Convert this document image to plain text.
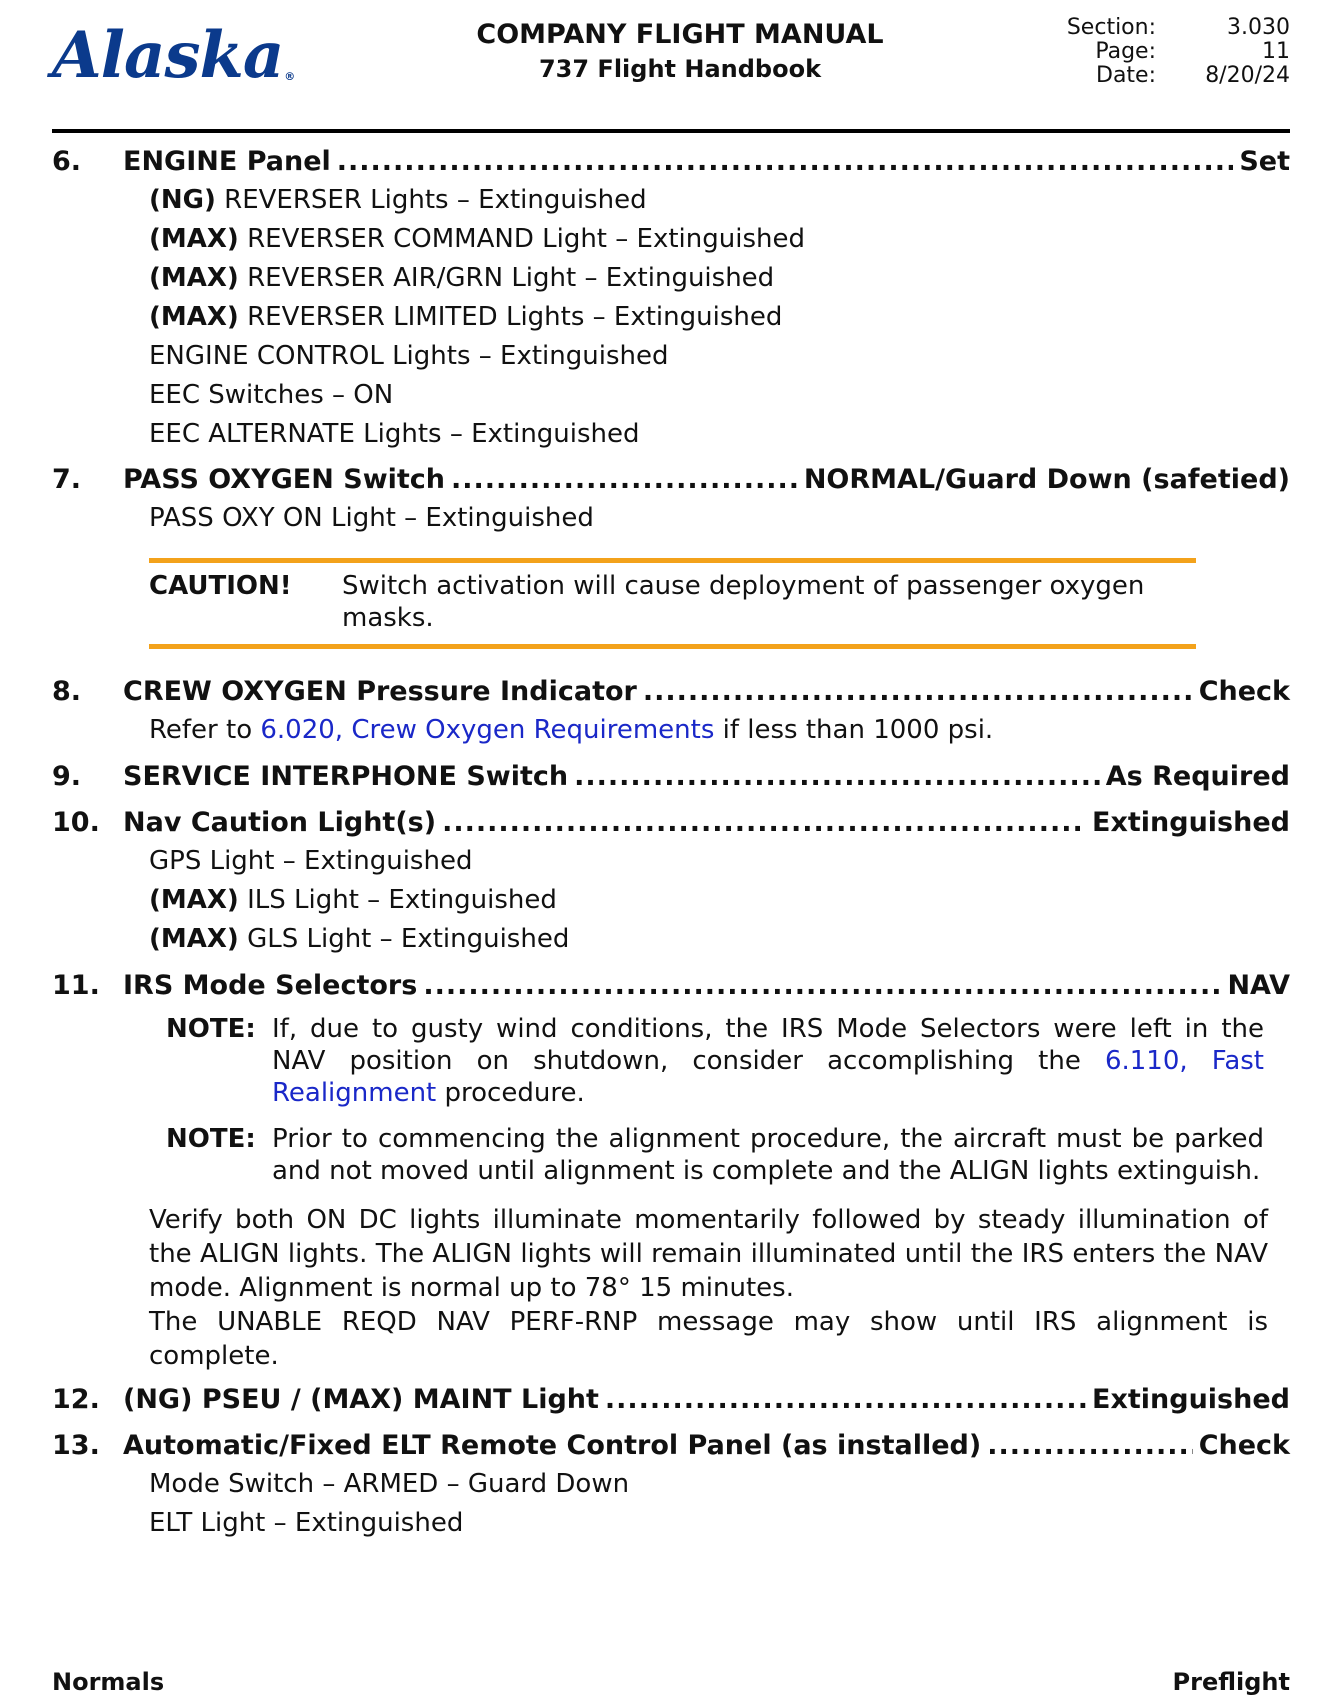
Alaska®
COMPANY FLIGHT MANUAL
737 Flight Handbook
Section:	3.030
Page:	11
Date: 8/20/24
6.	ENGINE Panel .....	Set
(NG) REVERSER Lights – Extinguished
(MAX) REVERSER COMMAND Light – Extinguished
(MAX) REVERSER AIR/GRN Light – Extinguished
(MAX) REVERSER LIMITED Lights – Extinguished
ENGINE CONTROL Lights – Extinguished
EEC Switches – ON
EEC ALTERNATE Lights – Extinguished
7.	PASS OXYGEN Switch .....	NORMAL/Guard Down (safetied)
PASS OXY ON Light – Extinguished
CAUTION!	Switch activation will cause deployment of passenger oxygen masks.
8.	CREW OXYGEN Pressure Indicator .....	Check
Refer to 6.020, Crew Oxygen Requirements if less than 1000 psi.
9.	SERVICE INTERPHONE Switch .....	As Required
10. Nav Caution Light(s) .....	Extinguished
GPS Light – Extinguished
(MAX) ILS Light – Extinguished
(MAX) GLS Light – Extinguished
11. IRS Mode Selectors .....	NAV
NOTE: If, due to gusty wind conditions, the IRS Mode Selectors were left in the NAV position on shutdown, consider accomplishing the 6.110, Fast Realignment procedure.
NOTE: Prior to commencing the alignment procedure, the aircraft must be parked and not moved until alignment is complete and the ALIGN lights extinguish.
Verify both ON DC lights illuminate momentarily followed by steady illumination of the ALIGN lights. The ALIGN lights will remain illuminated until the IRS enters the NAV mode. Alignment is normal up to 78° 15 minutes.
The UNABLE REQD NAV PERF-RNP message may show until IRS alignment is complete.
12. (NG) PSEU / (MAX) MAINT Light .....	Extinguished
13. Automatic/Fixed ELT Remote Control Panel (as installed) .....	Check
Mode Switch – ARMED – Guard Down
ELT Light – Extinguished
Normals	Preflight
